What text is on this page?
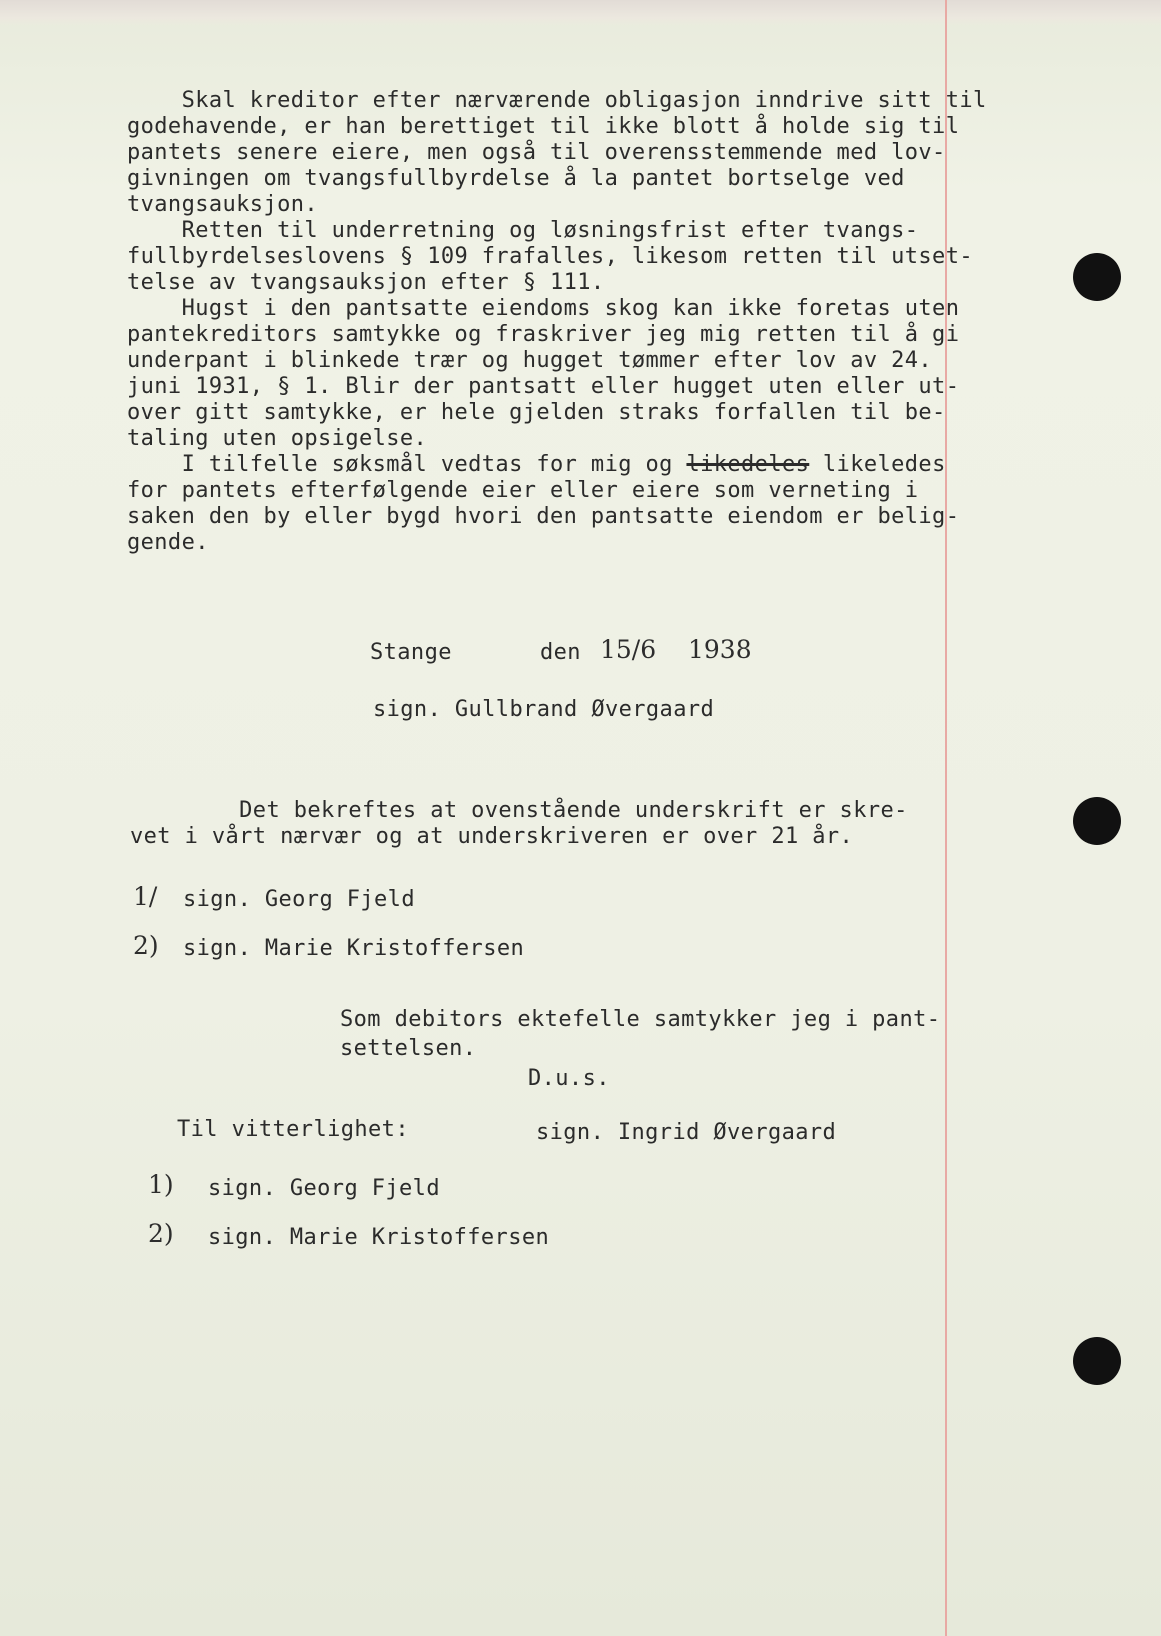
Skal kreditor efter nærværende obligasjon inndrive sitt til
godehavende, er han berettiget til ikke blott å holde sig til
pantets senere eiere, men også til overensstemmende med lov-
givningen om tvangsfullbyrdelse å la pantet bortselge ved
tvangsauksjon.
Retten til underretning og løsningsfrist efter tvangs-
fullbyrdelseslovens § 109 frafalles, likesom retten til utset-
telse av tvangsauksjon efter § 111.
Hugst i den pantsatte eiendoms skog kan ikke foretas uten
pantekreditors samtykke og fraskriver jeg mig retten til å gi
underpant i blinkede trær og hugget tømmer efter lov av 24.
juni 1931, § 1. Blir der pantsatt eller hugget uten eller ut-
over gitt samtykke, er hele gjelden straks forfallen til be-
taling uten opsigelse.
I tilfelle søksmål vedtas for mig og likedeles likeledes
for pantets efterfølgende eier eller eiere som verneting i
saken den by eller bygd hvori den pantsatte eiendom er belig-
gende.
Stange	den 15/6 1938
sign. Gullbrand Øvergaard
Det bekreftes at ovenstående underskrift er skre-
vet i vårt nærvær og at underskriveren er over 21 år.
1/ sign. Georg Fjeld
2) sign. Marie Kristoffersen
Som debitors ektefelle samtykker jeg i pant-
settelsen.
D.u.s.
Til vitterlighet:	sign. Ingrid Øvergaard
1) sign. Georg Fjeld
2) sign. Marie Kristoffersen
